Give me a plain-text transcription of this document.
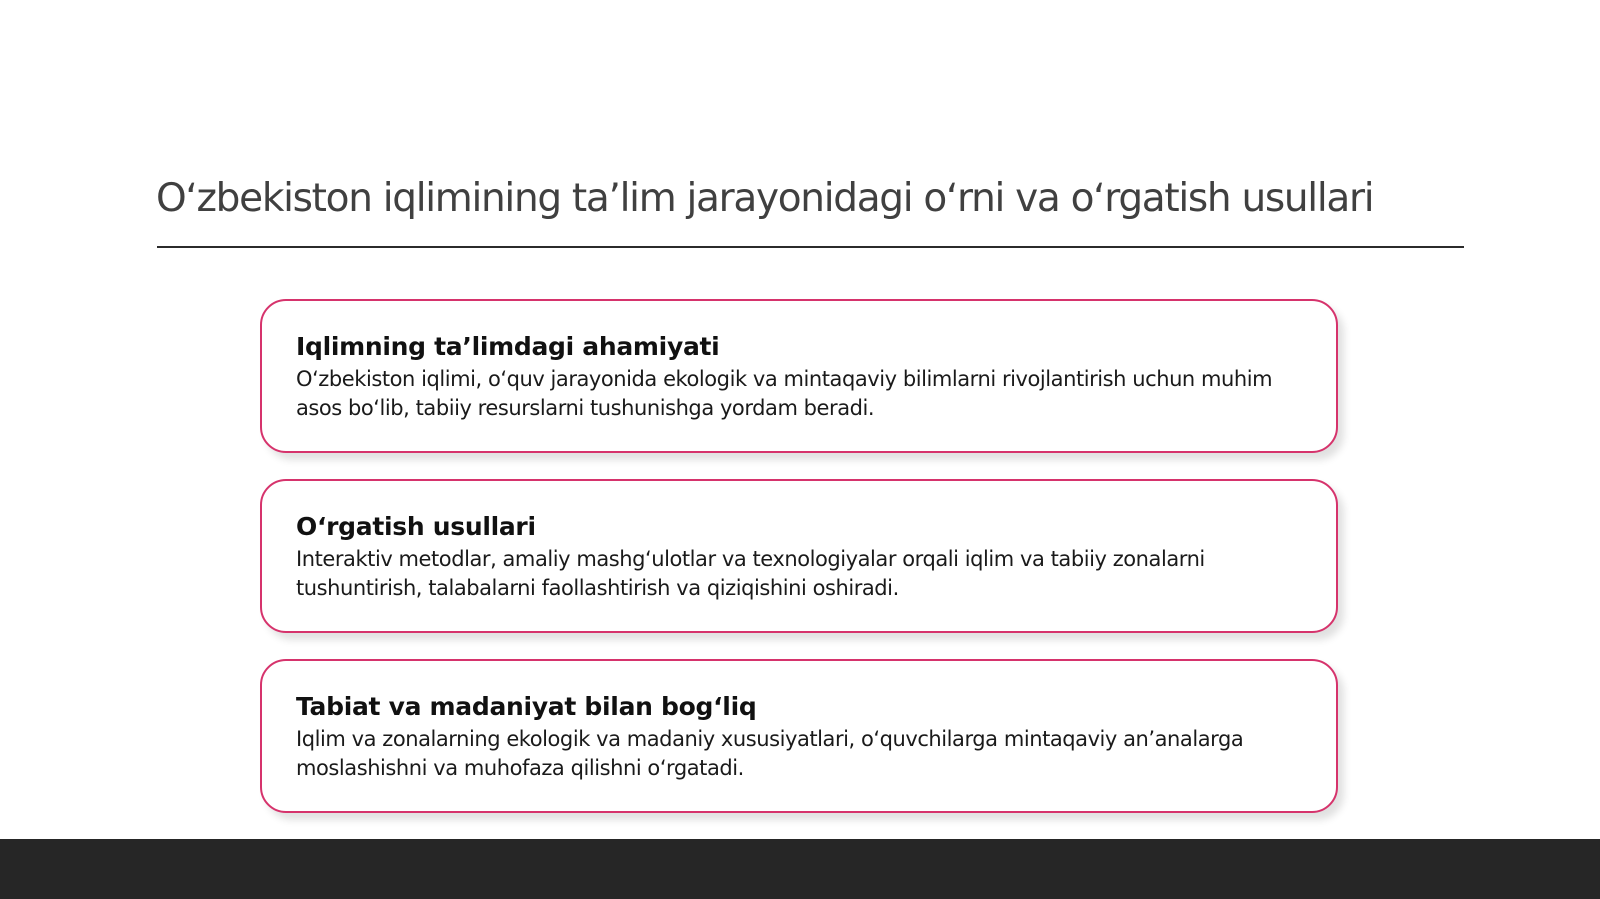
O‘zbekiston iqlimining ta’lim jarayonidagi o‘rni va o‘rgatish usullari
Iqlimning ta’limdagi ahamiyati

O‘zbekiston iqlimi, o‘quv jarayonida ekologik va mintaqaviy bilimlarni rivojlantirish uchun muhim asos bo‘lib, tabiiy resurslarni tushunishga yordam beradi.

O‘rgatish usullari

Interaktiv metodlar, amaliy mashg‘ulotlar va texnologiyalar orqali iqlim va tabiiy zonalarni tushuntirish, talabalarni faollashtirish va qiziqishini oshiradi.

Tabiat va madaniyat bilan bog‘liq

Iqlim va zonalarning ekologik va madaniy xususiyatlari, o‘quvchilarga mintaqaviy an’analarga moslashishni va muhofaza qilishni o‘rgatadi.
